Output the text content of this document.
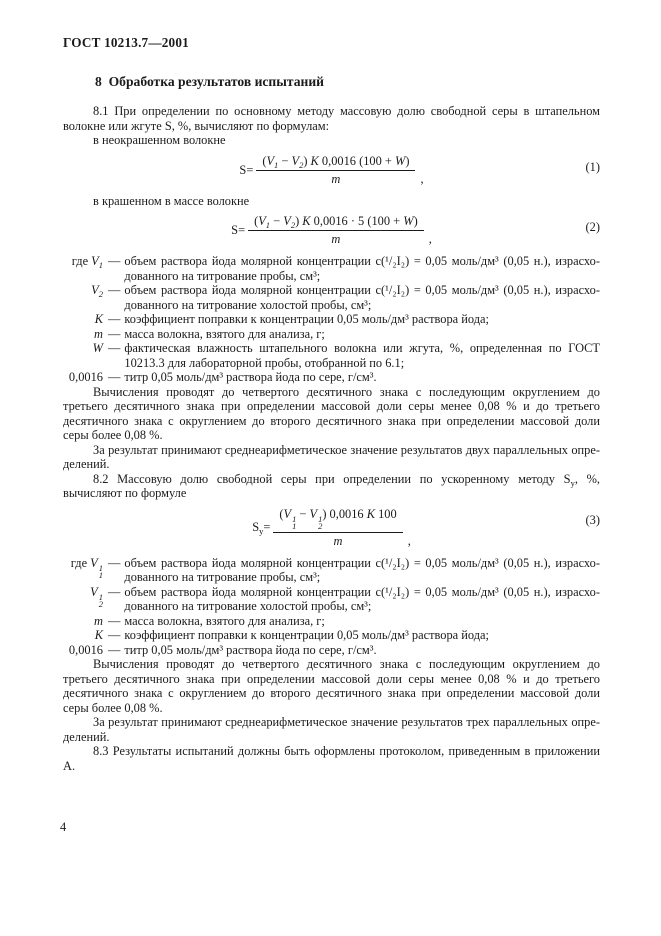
ГОСТ 10213.7—2001
8  Обработка результатов испытаний

8.1 При определении по основному методу массовую долю свободной серы в штапельном волокне или жгуте S, %, вычисляют по формулам:

в неокрашенном волокне

$S = \frac{(V_1 - V_2) K 0,0016 (100 + W)}{m}$ ,
(1)

в крашенном в массе волокне

$S = \frac{(V_1 - V_2) K 0,0016 \cdot 5 (100 + W)}{m}$ ,
(2)
где $V_1$ — объем раствора йода молярной концентрации c(¹/₂I₂) = 0,05 моль/дм³ (0,05 н.), израсходованного на титрование пробы, см³;
$V_2$ — объем раствора йода молярной концентрации c(¹/₂I₂) = 0,05 моль/дм³ (0,05 н.), израсходованного на титрование холостой пробы, см³;
K — коэффициент поправки к концентрации 0,05 моль/дм³ раствора йода;
m — масса волокна, взятого для анализа, г;
W — фактическая влажность штапельного волокна или жгута, %, определенная по ГОСТ 10213.3 для лабораторной пробы, отобранной по 6.1;
0,0016 — титр 0,05 моль/дм³ раствора йода по сере, г/см³.

Вычисления проводят до четвертого десятичного знака с последующим округлением до третьего десятичного знака при определении массовой доли серы менее 0,08 % и до третьего десятичного знака с округлением до второго десятичного знака при определении массовой доли серы более 0,08 %.

За результат принимают среднеарифметическое значение результатов двух параллельных определений.

8.2 Массовую долю свободной серы при определении по ускоренному методу $S_у$, %, вычисляют по формуле

$S_у = (V$ 1
1
− V 1
2
) 0,0016 K 100
m ,
(3)
где V 1
1
— объем раствора йода молярной концентрации c(¹/₂I₂) = 0,05 моль/дм³ (0,05 н.), израсходованного на титрование пробы, см³;
V 1
2
— объем раствора йода молярной концентрации c(¹/₂I₂) = 0,05 моль/дм³ (0,05 н.), израсходованного на титрование холостой пробы, см³;
m — масса волокна, взятого для анализа, г;
K — коэффициент поправки к концентрации 0,05 моль/дм³ раствора йода;
0,0016 — титр 0,05 моль/дм³ раствора йода по сере, г/см³.

Вычисления проводят до четвертого десятичного знака с последующим округлением до третьего десятичного знака при определении массовой доли серы менее 0,08 % и до третьего десятичного знака с округлением до второго десятичного знака при определении массовой доли серы более 0,08 %.

За результат принимают среднеарифметическое значение результатов трех параллельных определений.

8.3 Результаты испытаний должны быть оформлены протоколом, приведенным в приложении А.

4
